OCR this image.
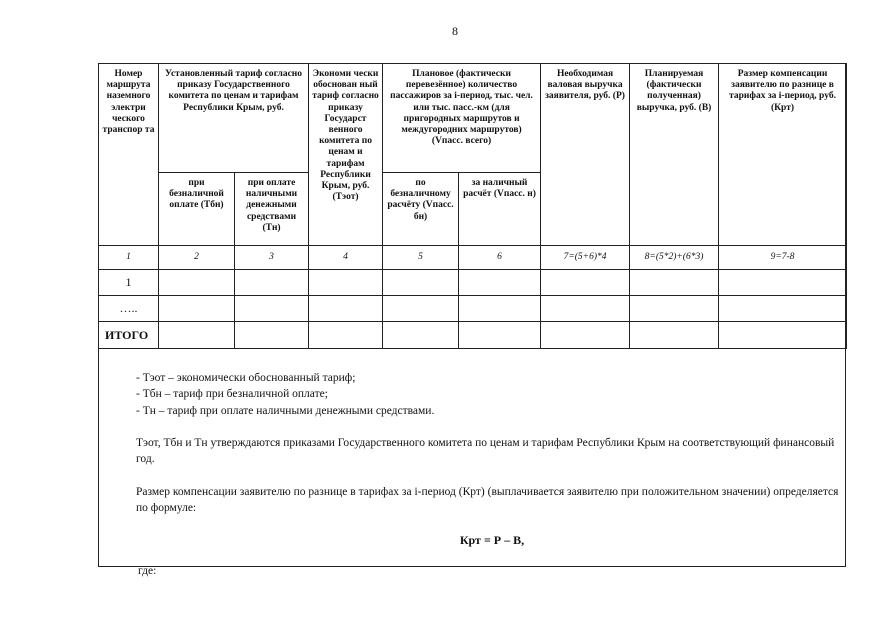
8
Номер маршрута наземного электри ческого транспор та	Установленный тариф согласно приказу Государственного комитета по ценам и тарифам Республики Крым, руб.		Экономи чески обоснован ный тариф согласно приказу Государст венного комитета по ценам и тарифам Республики Крым, руб. (Тэот)	Плановое (фактически перевезённое) количество пассажиров за i-период, тыс. чел. или тыс. пасс.-км (для пригородных маршрутов и междугородних маршрутов) (Vпасс. всего)		Необходимая валовая выручка заявителя, руб. (Р)	Планируемая (фактически полученная) выручка, руб. (В)	Размер компенсации заявителю по разнице в тарифах за i-период, руб. (Крт)
	при безналичной оплате (Тбн)	при оплате наличными денежными средствами (Тн)		по безналичному расчёту (Vпасс. бн)	за наличный расчёт (Vпасс. н)			
1	2	3	4	5	6	7=(5+6)*4	8=(5*2)+(6*3)	9=7-8
1								
…..								
ИТОГО								

- Тэот – экономически обоснованный тариф;

- Тбн – тариф при безналичной оплате;

- Тн – тариф при оплате наличными денежными средствами.

Тэот, Тбн и Тн утверждаются приказами Государственного комитета по ценам и тарифам Республики Крым на соответствующий финансовый год.

Размер компенсации заявителю по разнице в тарифах за i-период (Крт) (выплачивается заявителю при положительном значении) определяется по формуле:

Крт = Р – В,
где:
